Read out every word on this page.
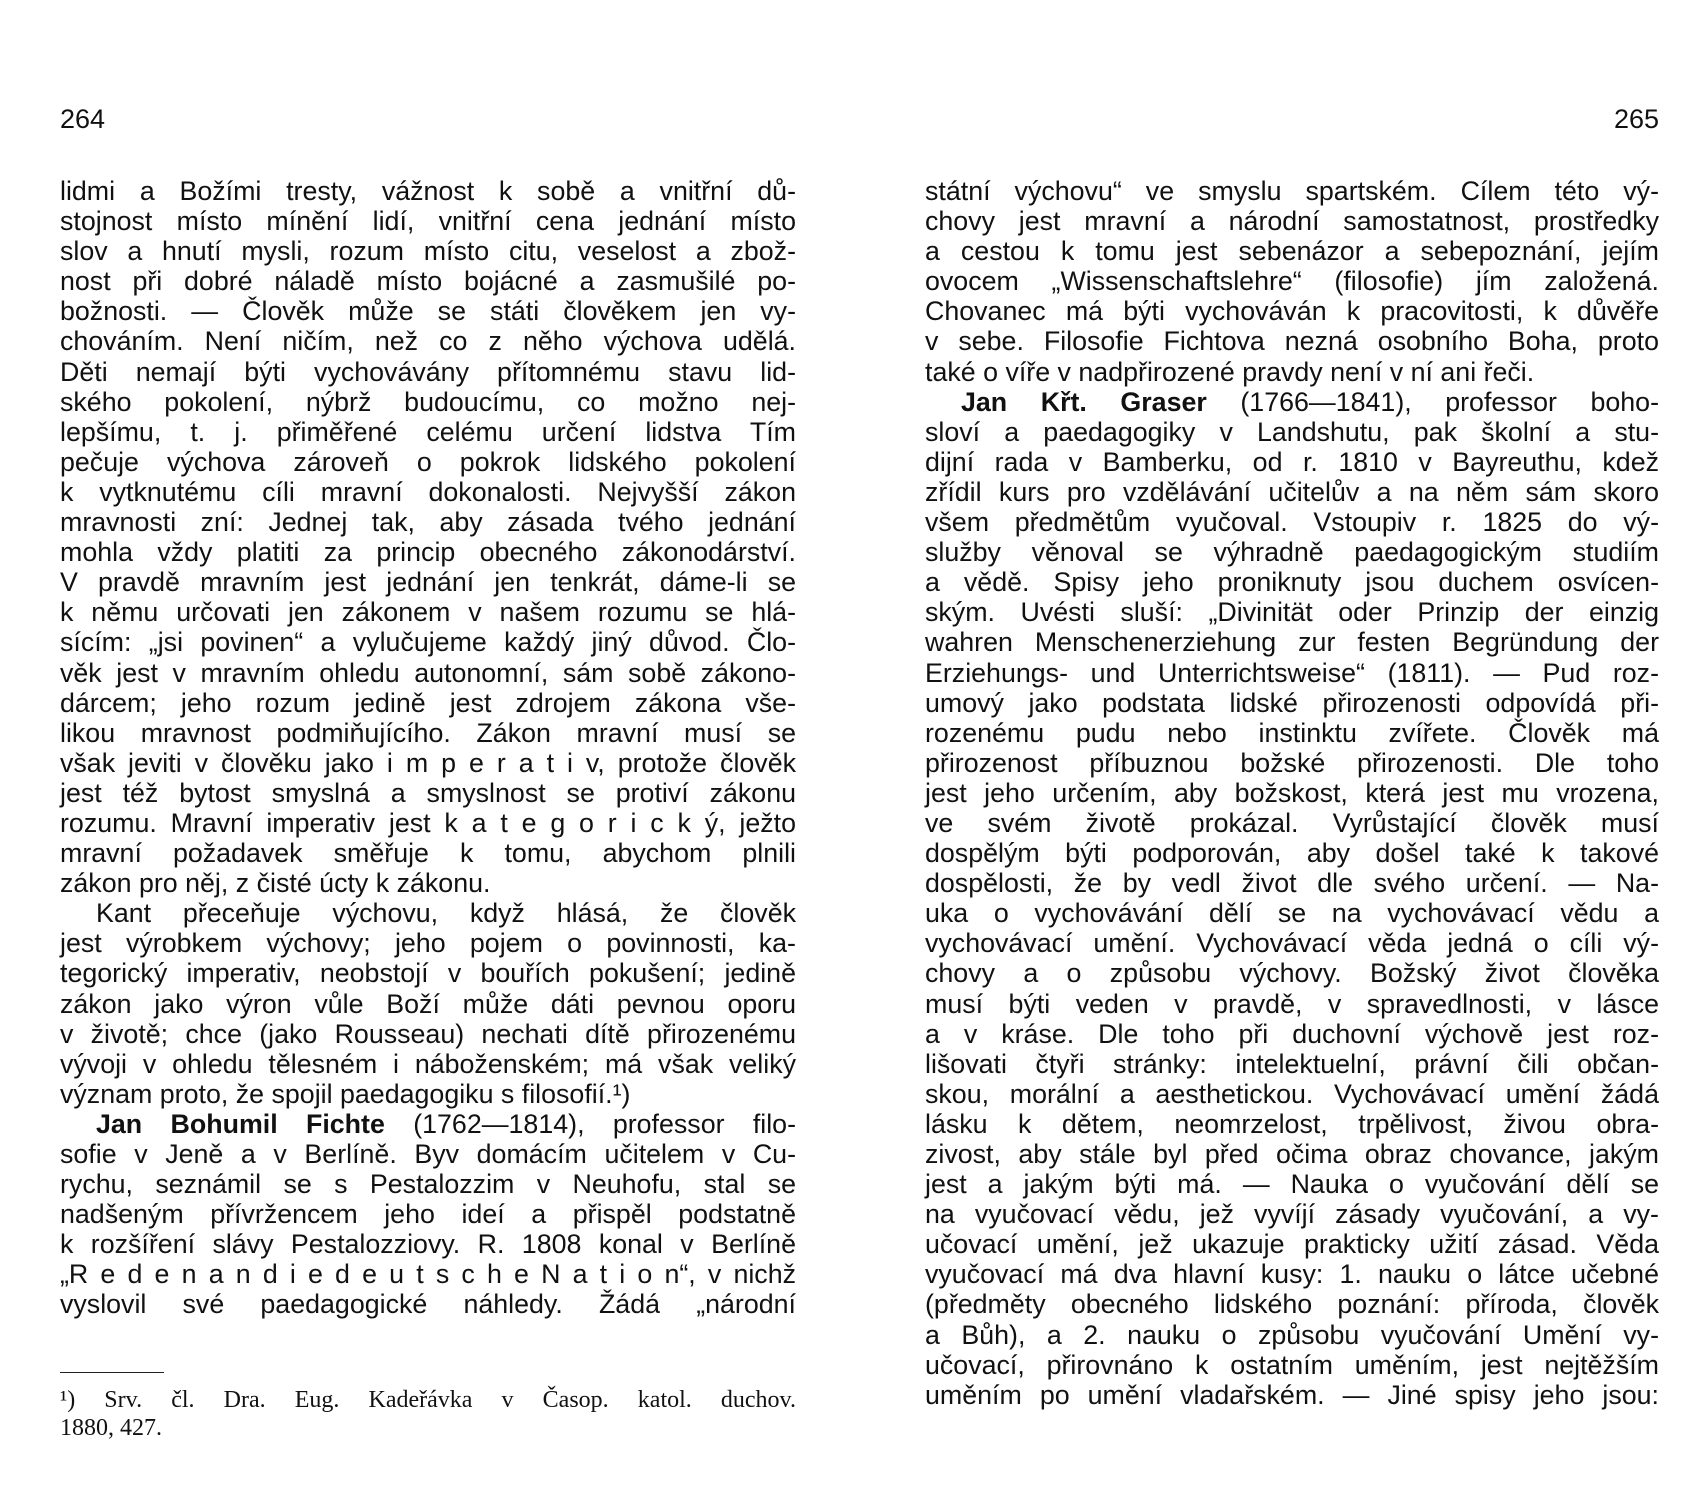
264
lidmi a Božími tresty, vážnost k sobě a vnitřní dů-
stojnost místo mínění lidí, vnitřní cena jednání místo
slov a hnutí mysli, rozum místo citu, veselost a zbož-
nost při dobré náladě místo bojácné a zasmušilé po-
božnosti. — Člověk může se státi člověkem jen vy-
chováním. Není ničím, než co z něho výchova udělá.
Děti nemají býti vychovávány přítomnému stavu lid-
ského pokolení, nýbrž budoucímu, co možno nej-
lepšímu, t. j. přiměřené celému určení lidstva Tím
pečuje výchova zároveň o pokrok lidského pokolení
k vytknutému cíli mravní dokonalosti. Nejvyšší zákon
mravnosti zní: Jednej tak, aby zásada tvého jednání
mohla vždy platiti za princip obecného zákonodárství.
V pravdě mravním jest jednání jen tenkrát, dáme-li se
k němu určovati jen zákonem v našem rozumu se hlá-
sícím: „jsi povinen“ a vylučujeme každý jiný důvod. Člo-
věk jest v mravním ohledu autonomní, sám sobě zákono-
dárcem; jeho rozum jedině jest zdrojem zákona vše-
likou mravnost podmiňujícího. Zákon mravní musí se
však jeviti v člověku jako i m p e r a t i v, protože člověk
jest též bytost smyslná a smyslnost se protiví zákonu
rozumu. Mravní imperativ jest k a t e g o r i c k ý, ježto
mravní požadavek směřuje k tomu, abychom plnili
zákon pro něj, z čisté úcty k zákonu.
Kant přeceňuje výchovu, když hlásá, že člověk
jest výrobkem výchovy; jeho pojem o povinnosti, ka-
tegorický imperativ, neobstojí v bouřích pokušení; jedině
zákon jako výron vůle Boží může dáti pevnou oporu
v životě; chce (jako Rousseau) nechati dítě přirozenému
vývoji v ohledu tělesném i náboženském; má však veliký
význam proto, že spojil paedagogiku s filosofií.¹)
Jan Bohumil Fichte (1762—1814), professor filo-
sofie v Jeně a v Berlíně. Byv domácím učitelem v Cu-
rychu, seznámil se s Pestalozzim v Neuhofu, stal se
nadšeným přívržencem jeho ideí a přispěl podstatně
k rozšíření slávy Pestalozziovy. R. 1808 konal v Berlíně
„R e d e n a n d i e d e u t s c h e N a t i o n“, v nichž
vyslovil své paedagogické náhledy. Žádá „národní
¹) Srv. čl. Dra. Eug. Kadeřávka v Časop. katol. duchov.
1880, 427.
265
státní výchovu“ ve smyslu spartském. Cílem této vý-
chovy jest mravní a národní samostatnost, prostředky
a cestou k tomu jest sebenázor a sebepoznání, jejím
ovocem „Wissenschaftslehre“ (filosofie) jím založená.
Chovanec má býti vychováván k pracovitosti, k důvěře
v sebe. Filosofie Fichtova nezná osobního Boha, proto
také o víře v nadpřirozené pravdy není v ní ani řeči.
Jan Křt. Graser (1766—1841), professor boho-
sloví a paedagogiky v Landshutu, pak školní a stu-
dijní rada v Bamberku, od r. 1810 v Bayreuthu, kdež
zřídil kurs pro vzdělávání učitelův a na něm sám skoro
všem předmětům vyučoval. Vstoupiv r. 1825 do vý-
služby věnoval se výhradně paedagogickým studiím
a vědě. Spisy jeho proniknuty jsou duchem osvícen-
ským. Uvésti sluší: „Divinität oder Prinzip der einzig
wahren Menschenerziehung zur festen Begründung der
Erziehungs- und Unterrichtsweise“ (1811). — Pud roz-
umový jako podstata lidské přirozenosti odpovídá při-
rozenému pudu nebo instinktu zvířete. Člověk má
přirozenost příbuznou božské přirozenosti. Dle toho
jest jeho určením, aby božskost, která jest mu vrozena,
ve svém životě prokázal. Vyrůstající člověk musí
dospělým býti podporován, aby došel také k takové
dospělosti, že by vedl život dle svého určení. — Na-
uka o vychovávání dělí se na vychovávací vědu a
vychovávací umění. Vychovávací věda jedná o cíli vý-
chovy a o způsobu výchovy. Božský život člověka
musí býti veden v pravdě, v spravedlnosti, v lásce
a v kráse. Dle toho při duchovní výchově jest roz-
lišovati čtyři stránky: intelektuelní, právní čili občan-
skou, morální a aesthetickou. Vychovávací umění žádá
lásku k dětem, neomrzelost, trpělivost, živou obra-
zivost, aby stále byl před očima obraz chovance, jakým
jest a jakým býti má. — Nauka o vyučování dělí se
na vyučovací vědu, jež vyvíjí zásady vyučování, a vy-
učovací umění, jež ukazuje prakticky užití zásad. Věda
vyučovací má dva hlavní kusy: 1. nauku o látce učebné
(předměty obecného lidského poznání: příroda, člověk
a Bůh), a 2. nauku o způsobu vyučování Umění vy-
učovací, přirovnáno k ostatním uměním, jest nejtěžším
uměním po umění vladařském. — Jiné spisy jeho jsou:
